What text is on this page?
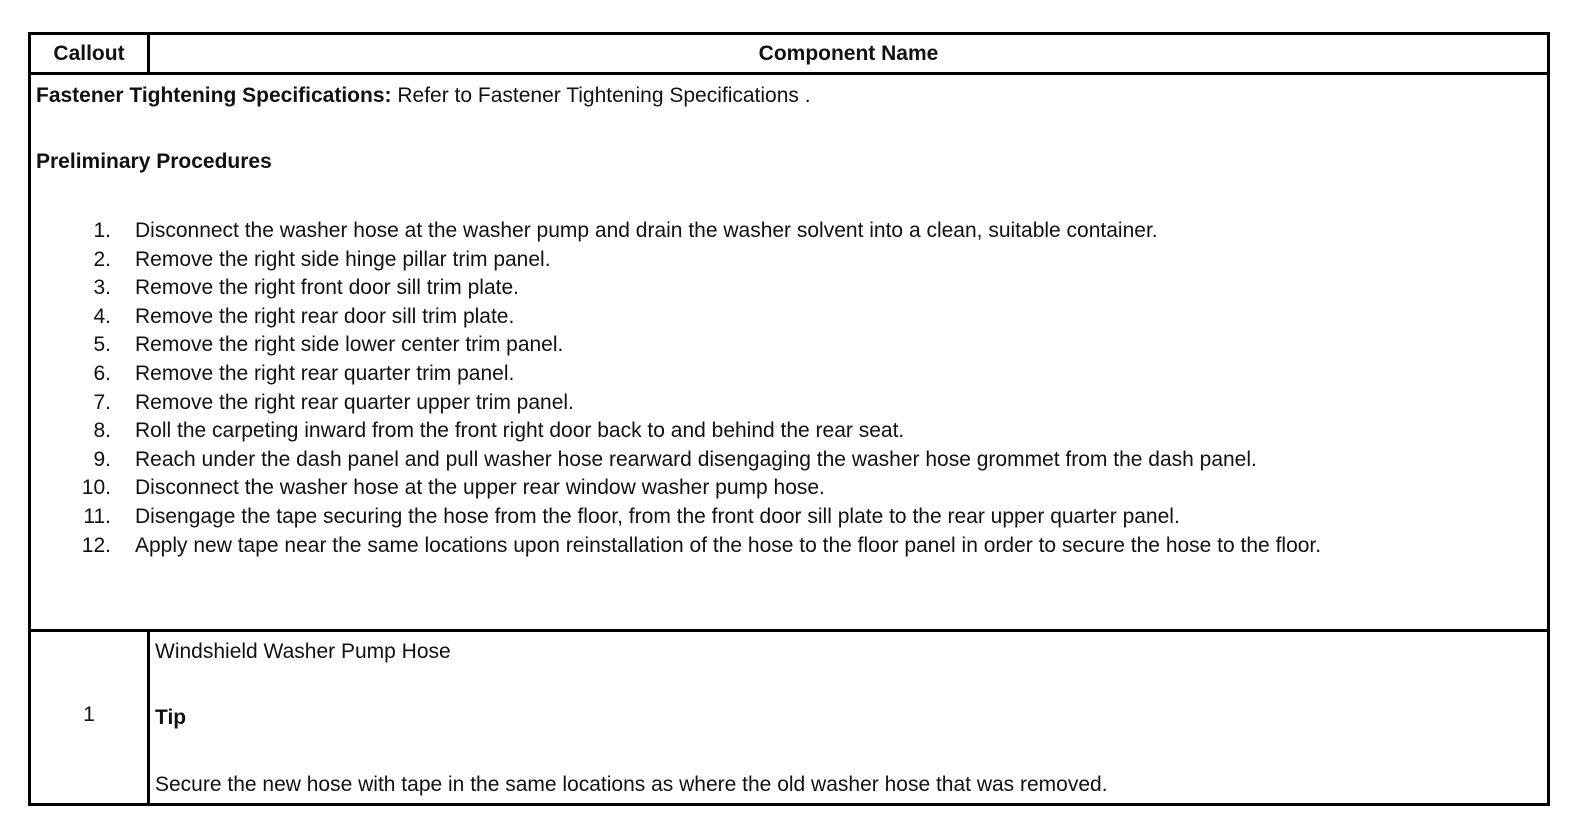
Callout	Component Name
Fastener Tightening Specifications: Refer to Fastener Tightening Specifications .
Preliminary Procedures
1. Disconnect the washer hose at the washer pump and drain the washer solvent into a clean, suitable container.
2. Remove the right side hinge pillar trim panel.
3. Remove the right front door sill trim plate.
4. Remove the right rear door sill trim plate.
5. Remove the right side lower center trim panel.
6. Remove the right rear quarter trim panel.
7. Remove the right rear quarter upper trim panel.
8. Roll the carpeting inward from the front right door back to and behind the rear seat.
9. Reach under the dash panel and pull washer hose rearward disengaging the washer hose grommet from the dash panel.
10. Disconnect the washer hose at the upper rear window washer pump hose.
11. Disengage the tape securing the hose from the floor, from the front door sill plate to the rear upper quarter panel.
12. Apply new tape near the same locations upon reinstallation of the hose to the floor panel in order to secure the hose to the floor.
1
Windshield Washer Pump Hose
Tip
Secure the new hose with tape in the same locations as where the old washer hose that was removed.
